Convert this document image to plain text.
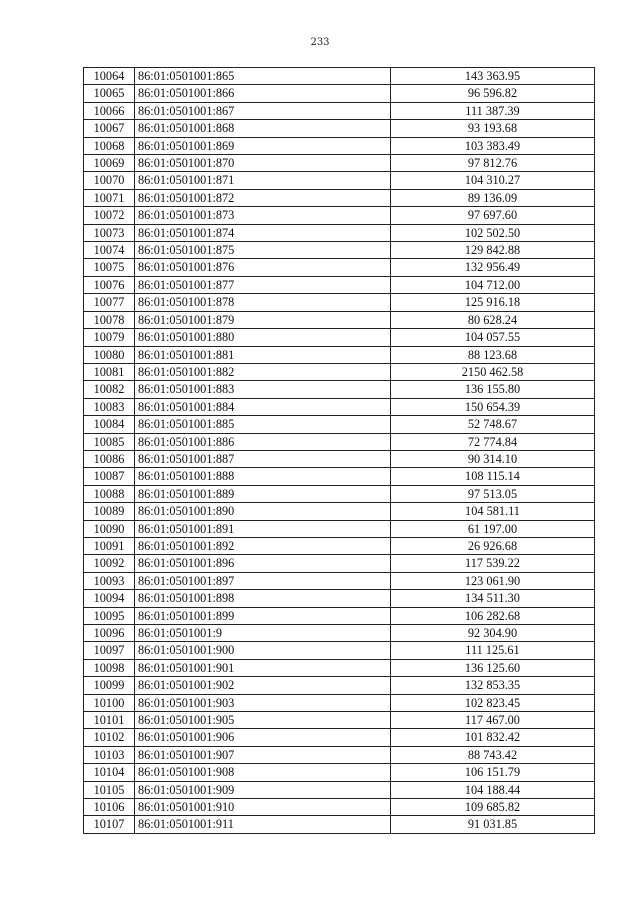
233
10064	86:01:0501001:865	143 363.95
10065	86:01:0501001:866	96 596.82
10066	86:01:0501001:867	111 387.39
10067	86:01:0501001:868	93 193.68
10068	86:01:0501001:869	103 383.49
10069	86:01:0501001:870	97 812.76
10070	86:01:0501001:871	104 310.27
10071	86:01:0501001:872	89 136.09
10072	86:01:0501001:873	97 697.60
10073	86:01:0501001:874	102 502.50
10074	86:01:0501001:875	129 842.88
10075	86:01:0501001:876	132 956.49
10076	86:01:0501001:877	104 712.00
10077	86:01:0501001:878	125 916.18
10078	86:01:0501001:879	80 628.24
10079	86:01:0501001:880	104 057.55
10080	86:01:0501001:881	88 123.68
10081	86:01:0501001:882	2150 462.58
10082	86:01:0501001:883	136 155.80
10083	86:01:0501001:884	150 654.39
10084	86:01:0501001:885	52 748.67
10085	86:01:0501001:886	72 774.84
10086	86:01:0501001:887	90 314.10
10087	86:01:0501001:888	108 115.14
10088	86:01:0501001:889	97 513.05
10089	86:01:0501001:890	104 581.11
10090	86:01:0501001:891	61 197.00
10091	86:01:0501001:892	26 926.68
10092	86:01:0501001:896	117 539.22
10093	86:01:0501001:897	123 061.90
10094	86:01:0501001:898	134 511.30
10095	86:01:0501001:899	106 282.68
10096	86:01:0501001:9	92 304.90
10097	86:01:0501001:900	111 125.61
10098	86:01:0501001:901	136 125.60
10099	86:01:0501001:902	132 853.35
10100	86:01:0501001:903	102 823.45
10101	86:01:0501001:905	117 467.00
10102	86:01:0501001:906	101 832.42
10103	86:01:0501001:907	88 743.42
10104	86:01:0501001:908	106 151.79
10105	86:01:0501001:909	104 188.44
10106	86:01:0501001:910	109 685.82
10107	86:01:0501001:911	91 031.85
